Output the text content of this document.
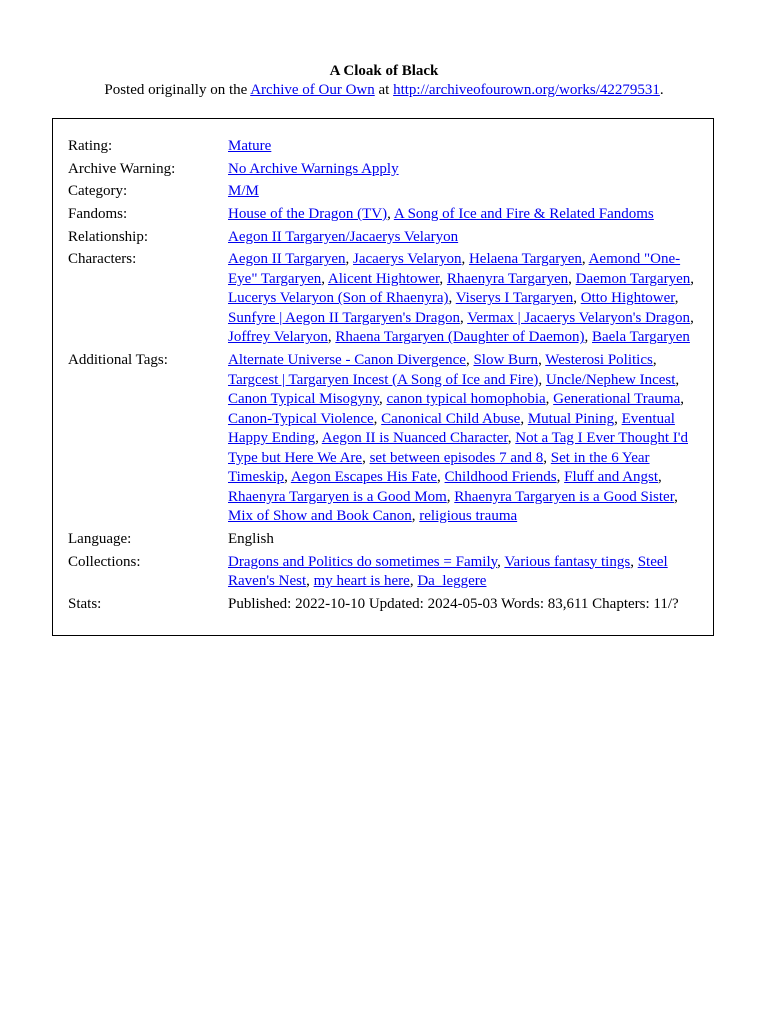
A Cloak of Black
Posted originally on the Archive of Our Own at http://archiveofourown.org/works/42279531.
Rating:	Mature
Archive Warning:	No Archive Warnings Apply
Category:	M/M
Fandoms:	House of the Dragon (TV), A Song of Ice and Fire & Related Fandoms
Relationship:	Aegon II Targaryen/Jacaerys Velaryon
Characters:	Aegon II Targaryen, Jacaerys Velaryon, Helaena Targaryen, Aemond "One-Eye" Targaryen, Alicent Hightower, Rhaenyra Targaryen, Daemon Targaryen, Lucerys Velaryon (Son of Rhaenyra), Viserys I Targaryen, Otto Hightower, Sunfyre | Aegon II Targaryen's Dragon, Vermax | Jacaerys Velaryon's Dragon, Joffrey Velaryon, Rhaena Targaryen (Daughter of Daemon), Baela Targaryen
Additional Tags:	Alternate Universe - Canon Divergence, Slow Burn, Westerosi Politics, Targcest | Targaryen Incest (A Song of Ice and Fire), Uncle/Nephew Incest, Canon Typical Misogyny, canon typical homophobia, Generational Trauma, Canon-Typical Violence, Canonical Child Abuse, Mutual Pining, Eventual Happy Ending, Aegon II is Nuanced Character, Not a Tag I Ever Thought I'd Type but Here We Are, set between episodes 7 and 8, Set in the 6 Year Timeskip, Aegon Escapes His Fate, Childhood Friends, Fluff and Angst, Rhaenyra Targaryen is a Good Mom, Rhaenyra Targaryen is a Good Sister, Mix of Show and Book Canon, religious trauma
Language:	English
Collections:	Dragons and Politics do sometimes = Family, Various fantasy tings, Steel Raven's Nest, my heart is here, Da_leggere
Stats:	Published: 2022-10-10 Updated: 2024-05-03 Words: 83,611 Chapters: 11/?
